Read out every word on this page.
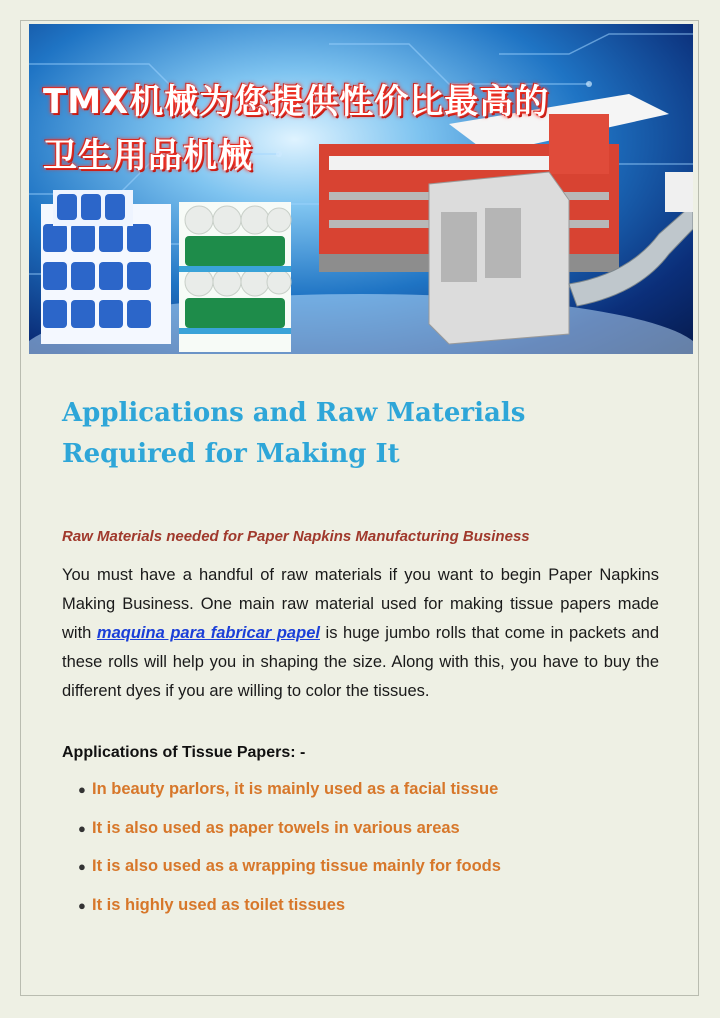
TMX机械为您提供性价比最高的
卫生用品机械
Applications and Raw Materials Required for Making It

Raw Materials needed for Paper Napkins Manufacturing Business

You must have a handful of raw materials if you want to begin Paper Napkins Making Business. One main raw material used for making tissue papers made with maquina para fabricar papel is huge jumbo rolls that come in packets and these rolls will help you in shaping the size. Along with this, you have to buy the different dyes if you are willing to color the tissues.

Applications of Tissue Papers: -

● In beauty parlors, it is mainly used as a facial tissue
● It is also used as paper towels in various areas
● It is also used as a wrapping tissue mainly for foods
● It is highly used as toilet tissues
